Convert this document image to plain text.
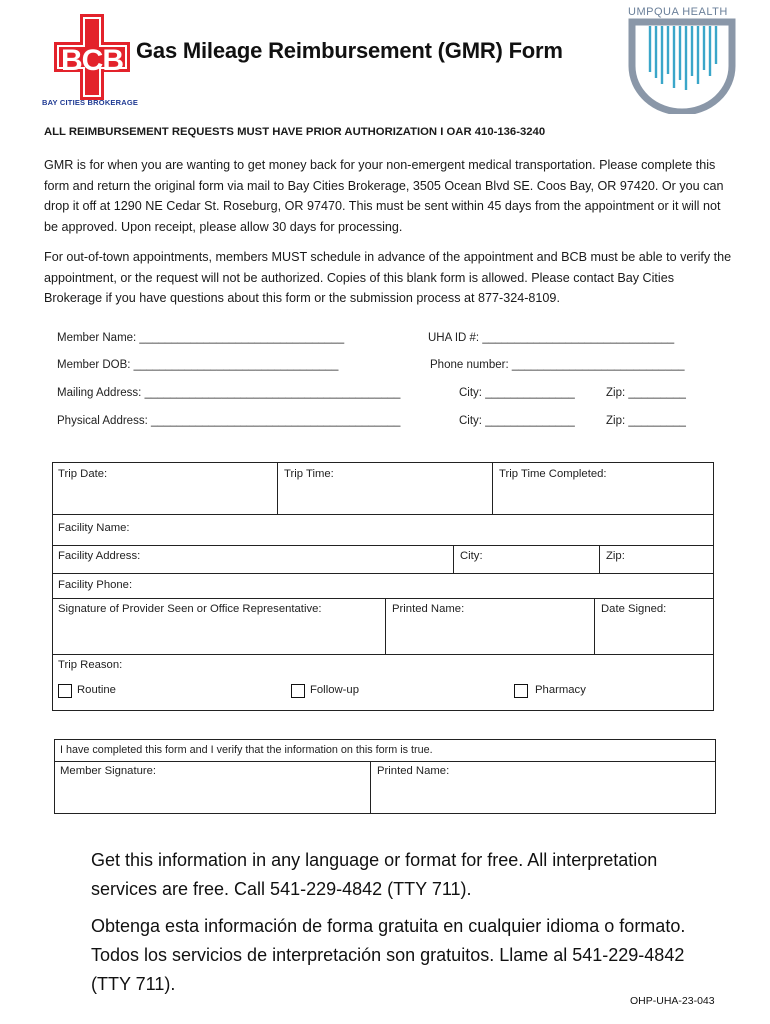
BCB
BAY CITIES BROKERAGE
Gas Mileage Reimbursement (GMR) Form
UMPQUA HEALTH
ALL REIMBURSEMENT REQUESTS MUST HAVE PRIOR AUTHORIZATION I OAR 410-136-3240
GMR is for when you are wanting to get money back for your non-emergent medical transportation. Please complete this form and return the original form via mail to Bay Cities Brokerage, 3505 Ocean Blvd SE. Coos Bay, OR 97420. Or you can drop it off at 1290 NE Cedar St. Roseburg, OR 97470. This must be sent within 45 days from the appointment or it will not be approved. Upon receipt, please allow 30 days for processing.
For out-of-town appointments, members MUST schedule in advance of the appointment and BCB must be able to verify the appointment, or the request will not be authorized. Copies of this blank form is allowed. Please contact Bay Cities Brokerage if you have questions about this form or the submission process at 877-324-8109.
Member Name: ________________________________	UHA ID #: ______________________________
Member DOB: ________________________________	Phone number: ___________________________
Mailing Address: ________________________________________	City: ______________	Zip: _________
Physical Address: _______________________________________	City: ______________	Zip: _________
Trip Date:	Trip Time:	Trip Time Completed:
Facility Name:
Facility Address:	City:	Zip:
Facility Phone:
Signature of Provider Seen or Office Representative:	Printed Name:	Date Signed:
Trip Reason:
Routine	Follow-up	Pharmacy
I have completed this form and I verify that the information on this form is true.
Member Signature:	Printed Name:
Get this information in any language or format for free. All interpretation services are free. Call 541-229-4842 (TTY 711).
Obtenga esta información de forma gratuita en cualquier idioma o formato. Todos los servicios de interpretación son gratuitos. Llame al 541-229-4842 (TTY 711).
OHP-UHA-23-043
